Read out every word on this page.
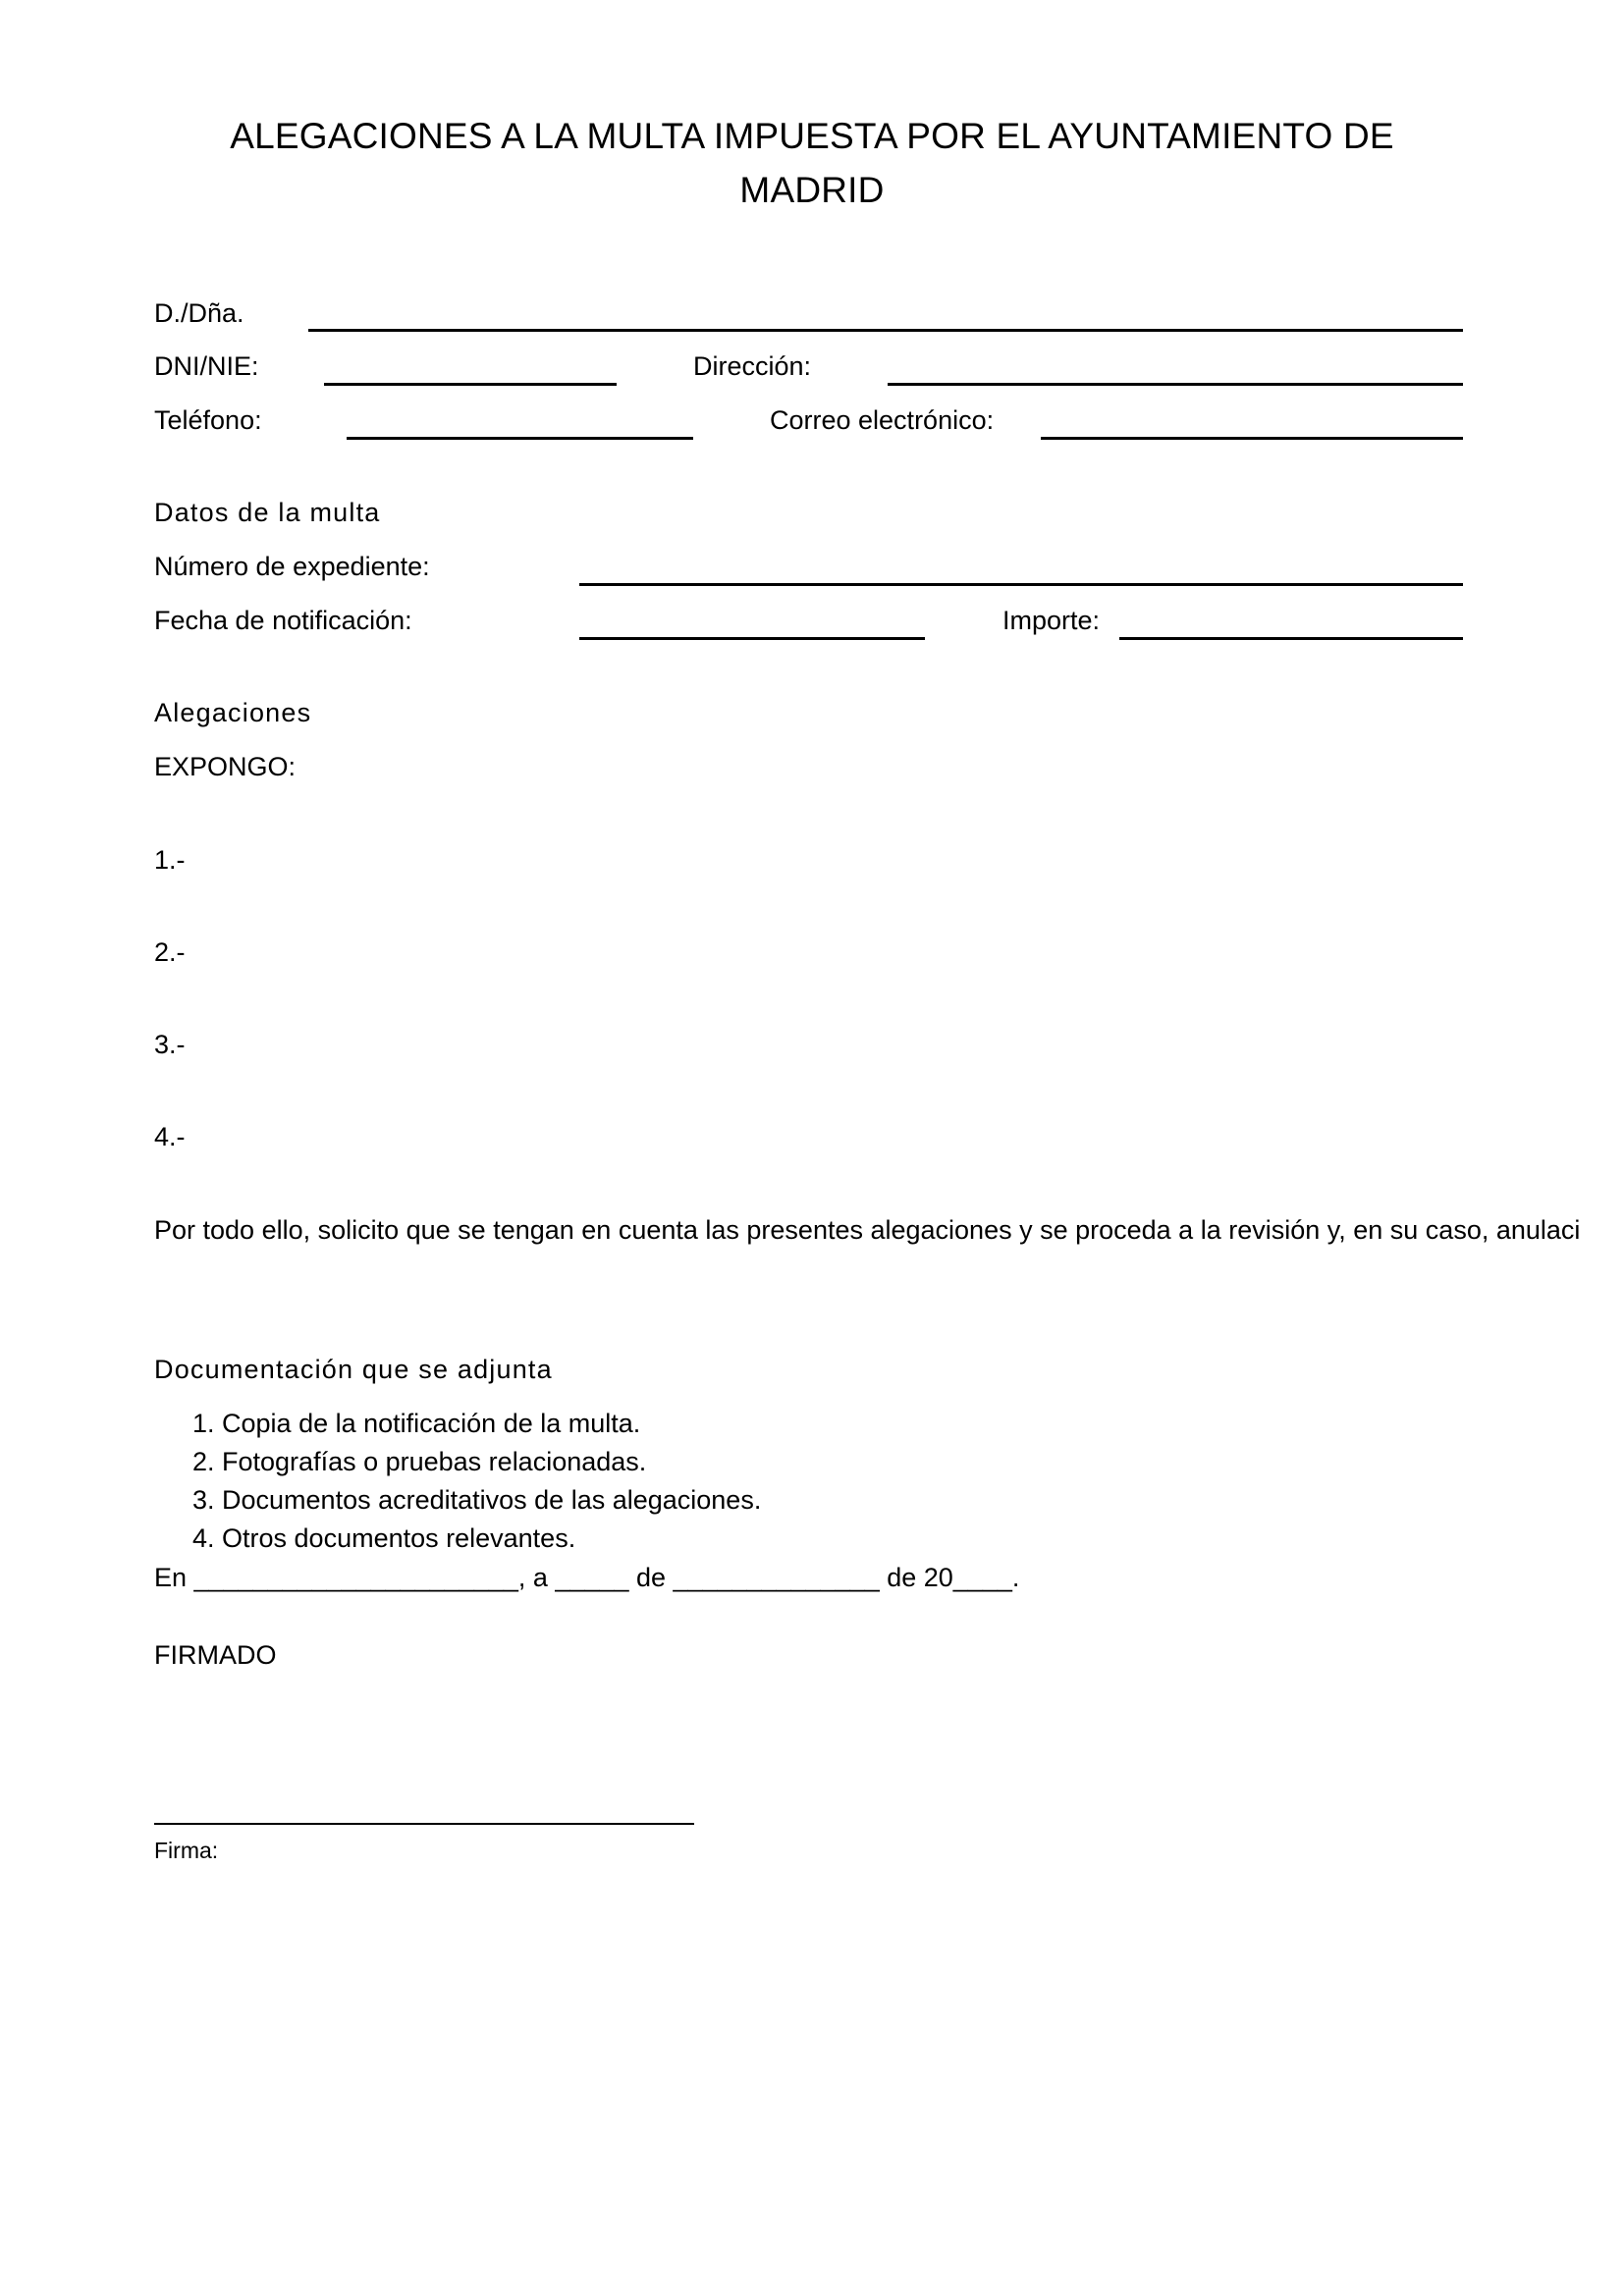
ALEGACIONES A LA MULTA IMPUESTA POR EL AYUNTAMIENTO DE
MADRID
D./Dña.
DNI/NIE:	Dirección:
Teléfono:	Correo electrónico:
Datos de la multa
Número de expediente:
Fecha de notificación:	Importe:
Alegaciones
EXPONGO:
1.-
2.-
3.-
4.-
Por todo ello, solicito que se tengan en cuenta las presentes alegaciones y se proceda a la revisión y, en su caso, anulaci
Documentación que se adjunta
1. Copia de la notificación de la multa.
2. Fotografías o pruebas relacionadas.
3. Documentos acreditativos de las alegaciones.
4. Otros documentos relevantes.
En ______________________, a _____ de ______________ de 20____.
FIRMADO
Firma:
